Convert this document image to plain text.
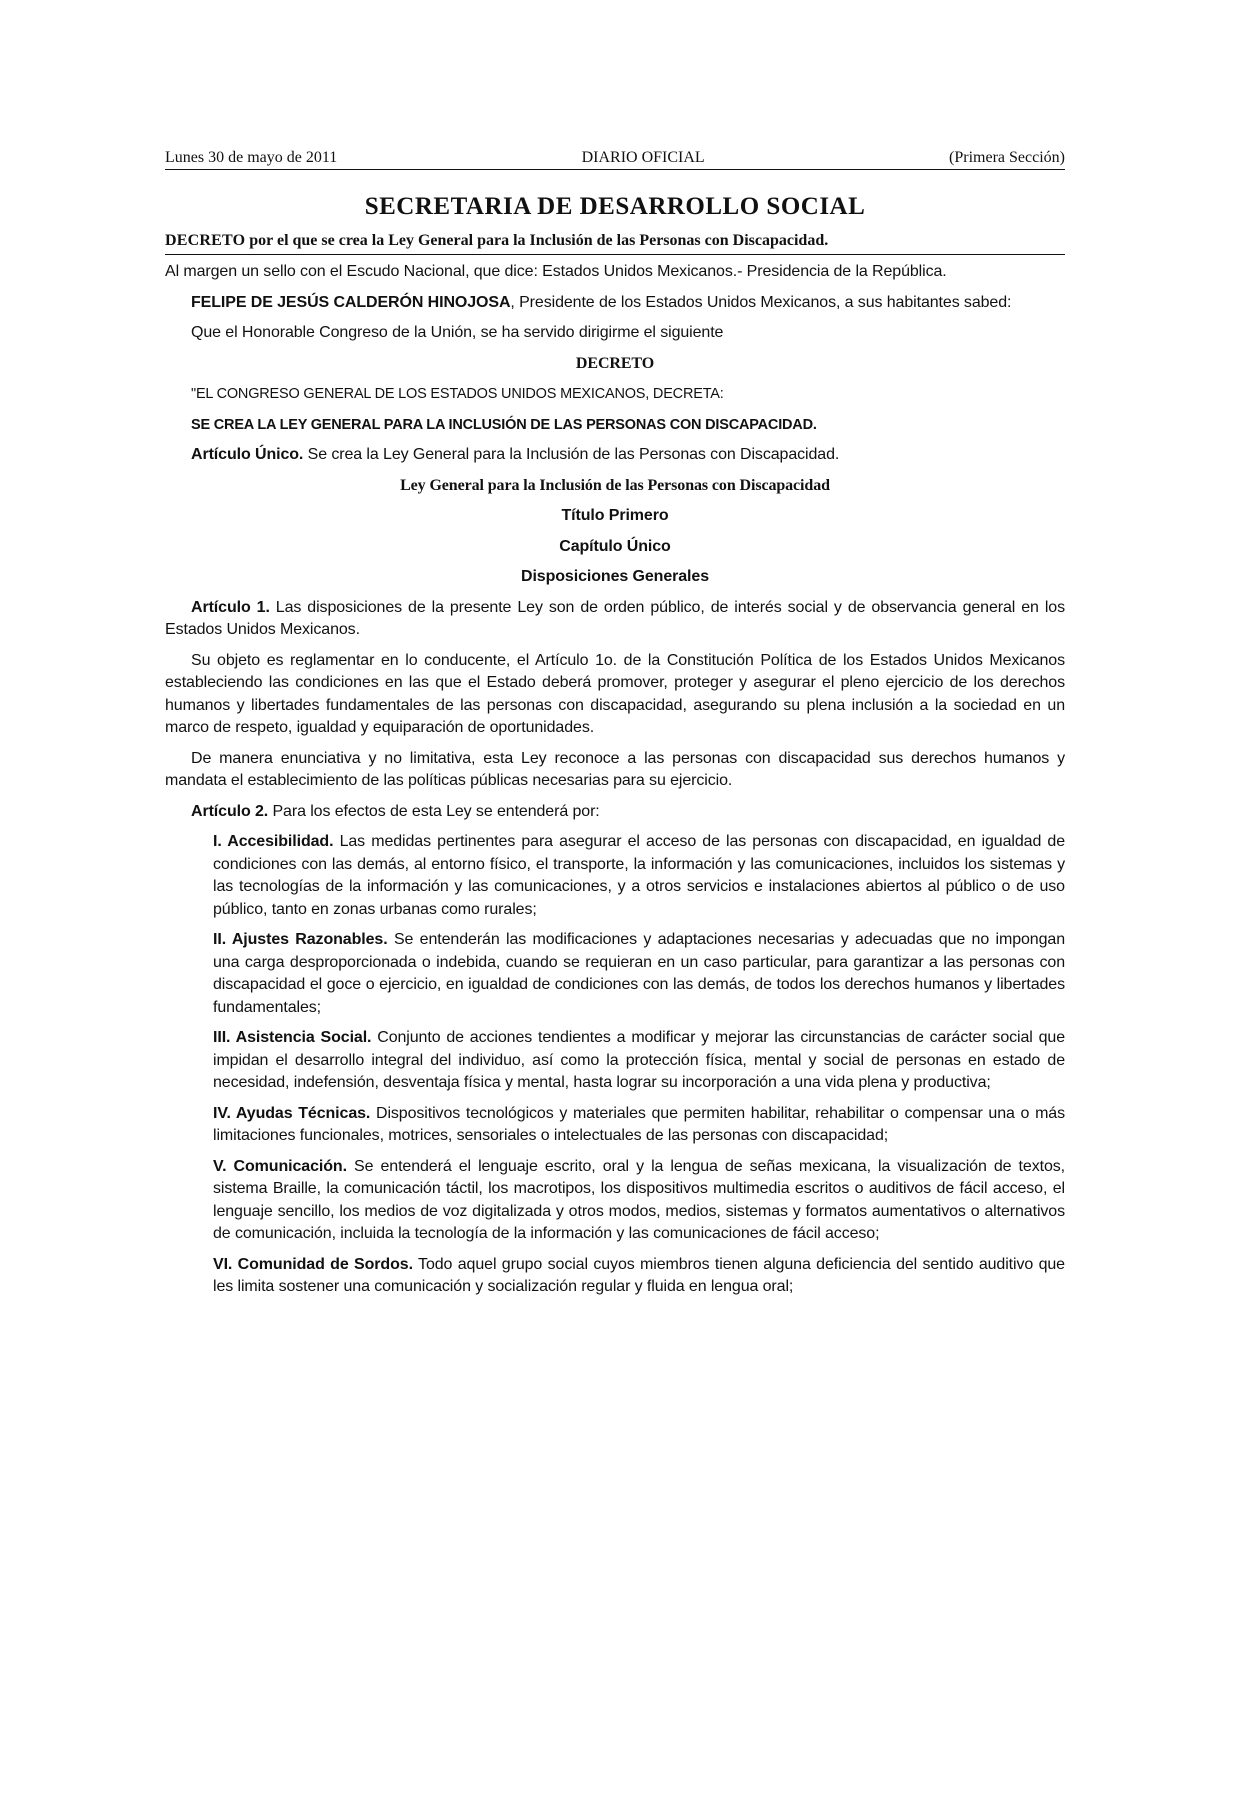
Lunes 30 de mayo de 2011	DIARIO OFICIAL	(Primera Sección)
SECRETARIA DE DESARROLLO SOCIAL
DECRETO por el que se crea la Ley General para la Inclusión de las Personas con Discapacidad.

Al margen un sello con el Escudo Nacional, que dice: Estados Unidos Mexicanos.- Presidencia de la República.

FELIPE DE JESÚS CALDERÓN HINOJOSA, Presidente de los Estados Unidos Mexicanos, a sus habitantes sabed:

Que el Honorable Congreso de la Unión, se ha servido dirigirme el siguiente

DECRETO

"EL CONGRESO GENERAL DE LOS ESTADOS UNIDOS MEXICANOS, DECRETA:

SE CREA LA LEY GENERAL PARA LA INCLUSIÓN DE LAS PERSONAS CON DISCAPACIDAD.

Artículo Único. Se crea la Ley General para la Inclusión de las Personas con Discapacidad.

Ley General para la Inclusión de las Personas con Discapacidad

Título Primero

Capítulo Único

Disposiciones Generales

Artículo 1. Las disposiciones de la presente Ley son de orden público, de interés social y de observancia general en los Estados Unidos Mexicanos.

Su objeto es reglamentar en lo conducente, el Artículo 1o. de la Constitución Política de los Estados Unidos Mexicanos estableciendo las condiciones en las que el Estado deberá promover, proteger y asegurar el pleno ejercicio de los derechos humanos y libertades fundamentales de las personas con discapacidad, asegurando su plena inclusión a la sociedad en un marco de respeto, igualdad y equiparación de oportunidades.

De manera enunciativa y no limitativa, esta Ley reconoce a las personas con discapacidad sus derechos humanos y mandata el establecimiento de las políticas públicas necesarias para su ejercicio.

Artículo 2. Para los efectos de esta Ley se entenderá por:

I. Accesibilidad. Las medidas pertinentes para asegurar el acceso de las personas con discapacidad, en igualdad de condiciones con las demás, al entorno físico, el transporte, la información y las comunicaciones, incluidos los sistemas y las tecnologías de la información y las comunicaciones, y a otros servicios e instalaciones abiertos al público o de uso público, tanto en zonas urbanas como rurales;

II. Ajustes Razonables. Se entenderán las modificaciones y adaptaciones necesarias y adecuadas que no impongan una carga desproporcionada o indebida, cuando se requieran en un caso particular, para garantizar a las personas con discapacidad el goce o ejercicio, en igualdad de condiciones con las demás, de todos los derechos humanos y libertades fundamentales;

III. Asistencia Social. Conjunto de acciones tendientes a modificar y mejorar las circunstancias de carácter social que impidan el desarrollo integral del individuo, así como la protección física, mental y social de personas en estado de necesidad, indefensión, desventaja física y mental, hasta lograr su incorporación a una vida plena y productiva;

IV. Ayudas Técnicas. Dispositivos tecnológicos y materiales que permiten habilitar, rehabilitar o compensar una o más limitaciones funcionales, motrices, sensoriales o intelectuales de las personas con discapacidad;

V. Comunicación. Se entenderá el lenguaje escrito, oral y la lengua de señas mexicana, la visualización de textos, sistema Braille, la comunicación táctil, los macrotipos, los dispositivos multimedia escritos o auditivos de fácil acceso, el lenguaje sencillo, los medios de voz digitalizada y otros modos, medios, sistemas y formatos aumentativos o alternativos de comunicación, incluida la tecnología de la información y las comunicaciones de fácil acceso;

VI. Comunidad de Sordos. Todo aquel grupo social cuyos miembros tienen alguna deficiencia del sentido auditivo que les limita sostener una comunicación y socialización regular y fluida en lengua oral;
